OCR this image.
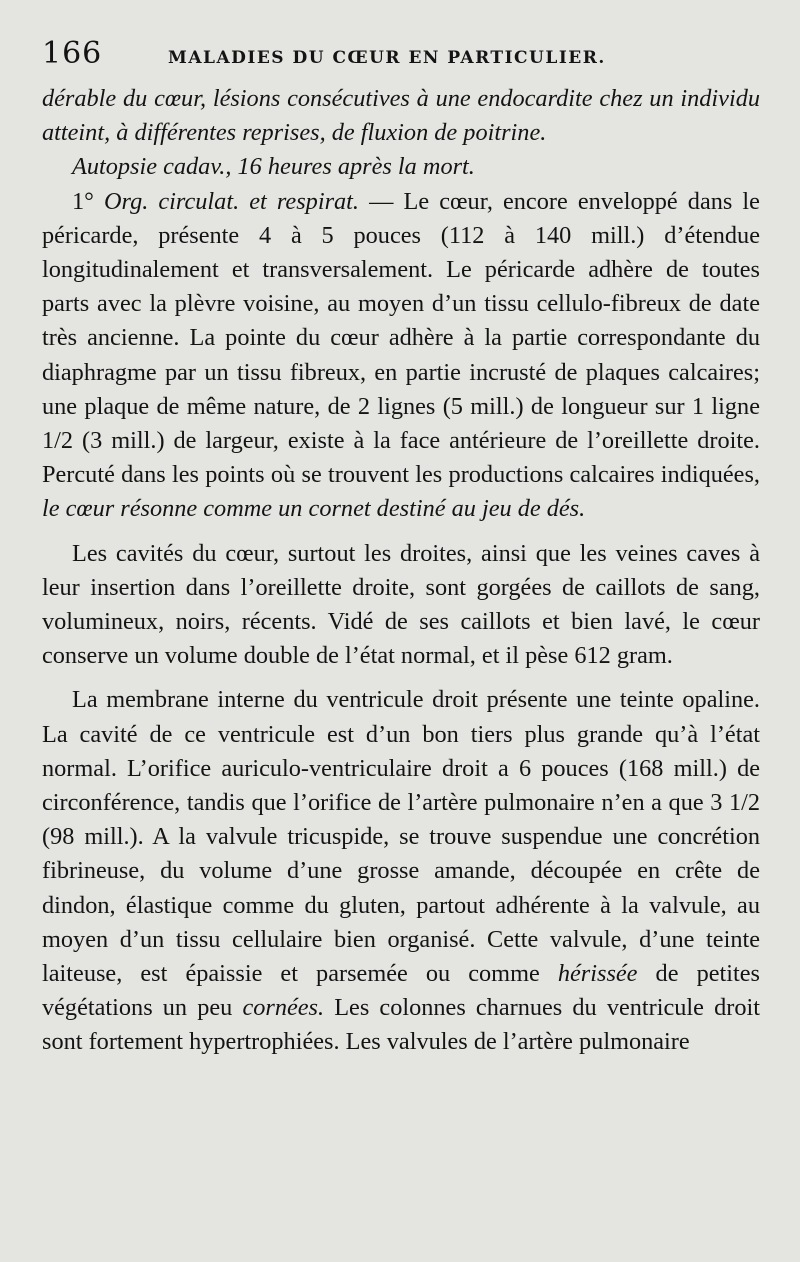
166	MALADIES DU CŒUR EN PARTICULIER.

dérable du cœur, lésions consécutives à une endocardite chez un individu atteint, à différentes reprises, de fluxion de poitrine.

Autopsie cadav., 16 heures après la mort.

1° Org. circulat. et respirat. — Le cœur, encore enveloppé dans le péricarde, présente 4 à 5 pouces (112 à 140 mill.) d’étendue longitudinalement et transversalement. Le péricarde adhère de toutes parts avec la plèvre voisine, au moyen d’un tissu cellulo-fibreux de date très ancienne. La pointe du cœur adhère à la partie correspondante du diaphragme par un tissu fibreux, en partie incrusté de plaques calcaires; une plaque de même nature, de 2 lignes (5 mill.) de longueur sur 1 ligne 1/2 (3 mill.) de largeur, existe à la face antérieure de l’oreillette droite. Percuté dans les points où se trouvent les productions calcaires indiquées, le cœur résonne comme un cornet destiné au jeu de dés.

Les cavités du cœur, surtout les droites, ainsi que les veines caves à leur insertion dans l’oreillette droite, sont gorgées de caillots de sang, volumineux, noirs, récents. Vidé de ses caillots et bien lavé, le cœur conserve un volume double de l’état normal, et il pèse 612 gram.

La membrane interne du ventricule droit présente une teinte opaline. La cavité de ce ventricule est d’un bon tiers plus grande qu’à l’état normal. L’orifice auriculo-ventriculaire droit a 6 pouces (168 mill.) de circonférence, tandis que l’orifice de l’artère pulmonaire n’en a que 3 1/2 (98 mill.). A la valvule tricuspide, se trouve suspendue une concrétion fibrineuse, du volume d’une grosse amande, découpée en crête de dindon, élastique comme du gluten, partout adhérente à la valvule, au moyen d’un tissu cellulaire bien organisé. Cette valvule, d’une teinte laiteuse, est épaissie et parsemée ou comme hérissée de petites végétations un peu cornées. Les colonnes charnues du ventricule droit sont fortement hypertrophiées. Les valvules de l’artère pulmonaire
